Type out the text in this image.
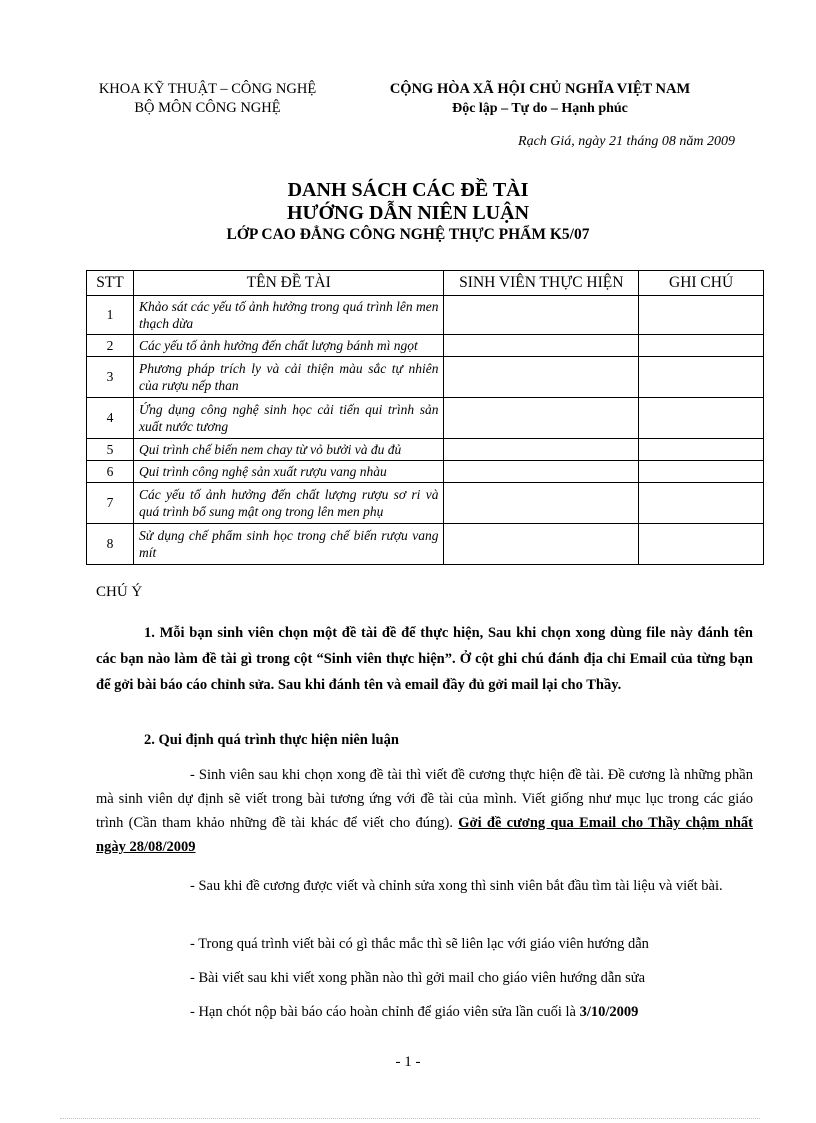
KHOA KỸ THUẬT – CÔNG NGHỆ
BỘ MÔN CÔNG NGHỆ
CỘNG HÒA XÃ HỘI CHỦ NGHĨA VIỆT NAM
Độc lập – Tự do – Hạnh phúc
Rạch Giá, ngày 21 tháng 08 năm 2009
DANH SÁCH CÁC ĐỀ TÀI
HƯỚNG DẪN NIÊN LUẬN
LỚP CAO ĐẲNG CÔNG NGHỆ THỰC PHẨM K5/07
STT	TÊN ĐỀ TÀI	SINH VIÊN THỰC HIỆN	GHI CHÚ
1	Khảo sát các yếu tố ảnh hưởng trong quá trình lên men thạch dừa		
2	Các yếu tố ảnh hưởng đến chất lượng bánh mì ngọt		
3	Phương pháp trích ly và cải thiện màu sắc tự nhiên của rượu nếp than		
4	Ứng dụng công nghệ sinh học cải tiến qui trình sản xuất nước tương		
5	Qui trình chế biến nem chay từ vỏ bưởi và đu đủ		
6	Qui trình công nghệ sản xuất rượu vang nhàu		
7	Các yếu tố ảnh hưởng đến chất lượng rượu sơ ri và quá trình bổ sung mật ong trong lên men phụ		
8	Sử dụng chế phẩm sinh học trong chế biến rượu vang mít		
CHÚ Ý
1. Mỗi bạn sinh viên chọn một đề tài đề để thực hiện, Sau khi chọn xong dùng file này đánh tên các bạn nào làm đề tài gì trong cột “Sinh viên thực hiện”. Ở cột ghi chú đánh địa chỉ Email của từng bạn để gởi bài báo cáo chỉnh sửa. Sau khi đánh tên và email đầy đủ gởi mail lại cho Thầy.
2. Qui định quá trình thực hiện niên luận
- Sinh viên sau khi chọn xong đề tài thì viết đề cương thực hiện đề tài. Đề cương là những phần mà sinh viên dự định sẽ viết trong bài tương ứng với đề tài của mình. Viết giống như mục lục trong các giáo trình (Cần tham khảo những đề tài khác để viết cho đúng). Gởi đề cương qua Email cho Thầy chậm nhất ngày 28/08/2009
- Sau khi đề cương được viết và chỉnh sửa xong thì sinh viên bắt đầu tìm tài liệu và viết bài.
- Trong quá trình viết bài có gì thắc mắc thì sẽ liên lạc với giáo viên hướng dẫn
- Bài viết sau khi viết xong phần nào thì gởi mail cho giáo viên hướng dẫn sửa
- Hạn chót nộp bài báo cáo hoàn chỉnh để giáo viên sửa lần cuối là 3/10/2009
- 1 -
